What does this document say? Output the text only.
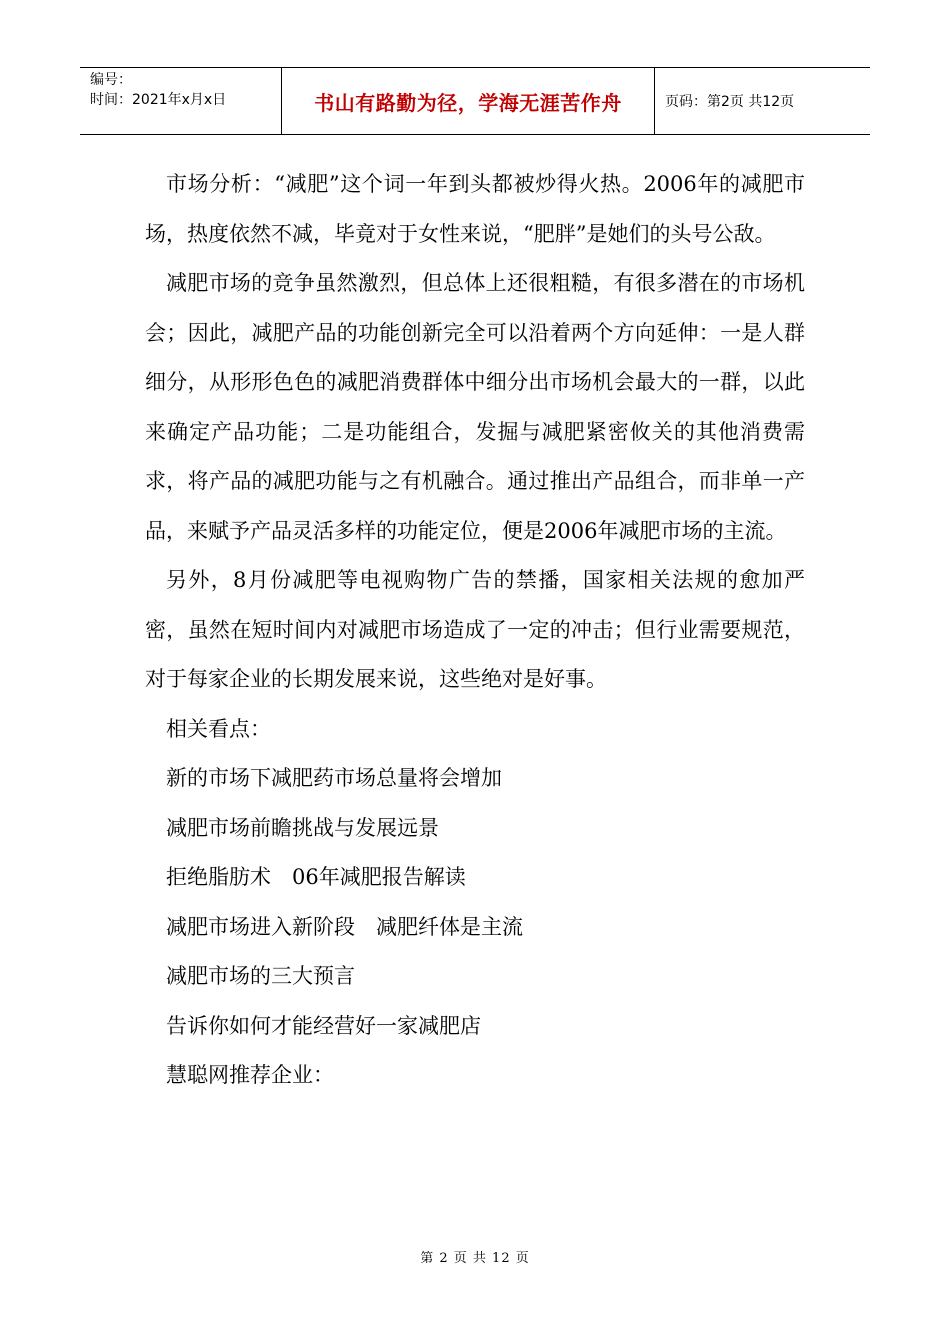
编号：
时间：2021年x月x日	书山有路勤为径，学海无涯苦作舟	页码：第2页 共12页

市场分析：“减肥”这个词一年到头都被炒得火热。2006年的减肥市场，热度依然不减，毕竟对于女性来说，“肥胖”是她们的头号公敌。

减肥市场的竞争虽然激烈，但总体上还很粗糙，有很多潜在的市场机会；因此，减肥产品的功能创新完全可以沿着两个方向延伸：一是人群细分，从形形色色的减肥消费群体中细分出市场机会最大的一群，以此来确定产品功能；二是功能组合，发掘与减肥紧密攸关的其他消费需求，将产品的减肥功能与之有机融合。通过推出产品组合，而非单一产品，来赋予产品灵活多样的功能定位，便是2006年减肥市场的主流。

另外，8月份减肥等电视购物广告的禁播，国家相关法规的愈加严密，虽然在短时间内对减肥市场造成了一定的冲击；但行业需要规范，对于每家企业的长期发展来说，这些绝对是好事。

相关看点：

新的市场下减肥药市场总量将会增加

减肥市场前瞻挑战与发展远景

拒绝脂肪术　06年减肥报告解读

减肥市场进入新阶段　减肥纤体是主流

减肥市场的三大预言

告诉你如何才能经营好一家减肥店

慧聪网推荐企业：

第 2 页 共 12 页
